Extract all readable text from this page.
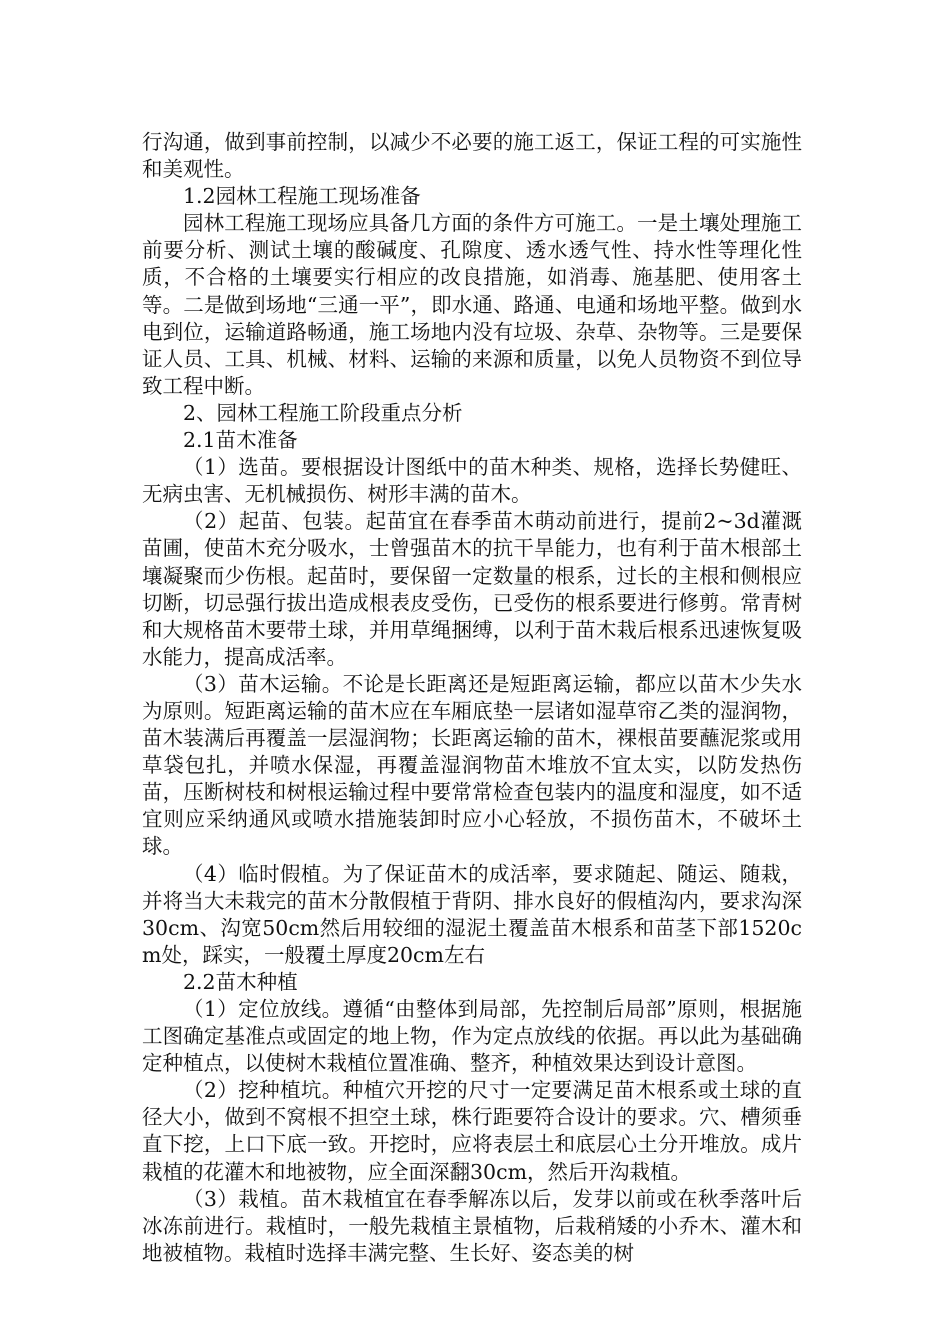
行沟通，做到事前控制，以减少不必要的施工返工，保证工程的可实施性和美观性。

1.2园林工程施工现场准备

园林工程施工现场应具备几方面的条件方可施工。一是土壤处理施工前要分析、测试土壤的酸碱度、孔隙度、透水透气性、持水性等理化性质，不合格的土壤要实行相应的改良措施，如消毒、施基肥、使用客土等。二是做到场地“三通一平”，即水通、路通、电通和场地平整。做到水电到位，运输道路畅通，施工场地内没有垃圾、杂草、杂物等。三是要保证人员、工具、机械、材料、运输的来源和质量，以免人员物资不到位导致工程中断。

2、园林工程施工阶段重点分析

2.1苗木准备

（1）选苗。要根据设计图纸中的苗木种类、规格，选择长势健旺、无病虫害、无机械损伤、树形丰满的苗木。

（2）起苗、包装。起苗宜在春季苗木萌动前进行，提前2~3d灌溉苗圃，使苗木充分吸水，士曾强苗木的抗干旱能力，也有利于苗木根部土壤凝聚而少伤根。起苗时，要保留一定数量的根系，过长的主根和侧根应切断，切忌强行拔出造成根表皮受伤，已受伤的根系要进行修剪。常青树和大规格苗木要带土球，并用草绳捆缚，以利于苗木栽后根系迅速恢复吸水能力，提高成活率。

（3）苗木运输。不论是长距离还是短距离运输，都应以苗木少失水为原则。短距离运输的苗木应在车厢底垫一层诸如湿草帘乙类的湿润物，苗木装满后再覆盖一层湿润物；长距离运输的苗木，裸根苗要蘸泥浆或用草袋包扎，并喷水保湿，再覆盖湿润物苗木堆放不宜太实，以防发热伤苗，压断树枝和树根运输过程中要常常检查包装内的温度和湿度，如不适宜则应采纳通风或喷水措施装卸时应小心轻放，不损伤苗木，不破坏土球。

（4）临时假植。为了保证苗木的成活率，要求随起、随运、随栽，并将当大未栽完的苗木分散假植于背阴、排水良好的假植沟内，要求沟深30cm、沟宽50cm然后用较细的湿泥土覆盖苗木根系和苗茎下部1520cm处，踩实，一般覆土厚度20cm左右

2.2苗木种植

（1）定位放线。遵循“由整体到局部，先控制后局部”原则，根据施工图确定基准点或固定的地上物，作为定点放线的依据。再以此为基础确定种植点，以使树木栽植位置准确、整齐，种植效果达到设计意图。

（2）挖种植坑。种植穴开挖的尺寸一定要满足苗木根系或土球的直径大小，做到不窝根不担空土球，株行距要符合设计的要求。穴、槽须垂直下挖，上口下底一致。开挖时，应将表层土和底层心土分开堆放。成片栽植的花灌木和地被物，应全面深翻30cm，然后开沟栽植。

（3）栽植。苗木栽植宜在春季解冻以后，发芽以前或在秋季落叶后冰冻前进行。栽植时，一般先栽植主景植物，后栽稍矮的小乔木、灌木和地被植物。栽植时选择丰满完整、生长好、姿态美的树
